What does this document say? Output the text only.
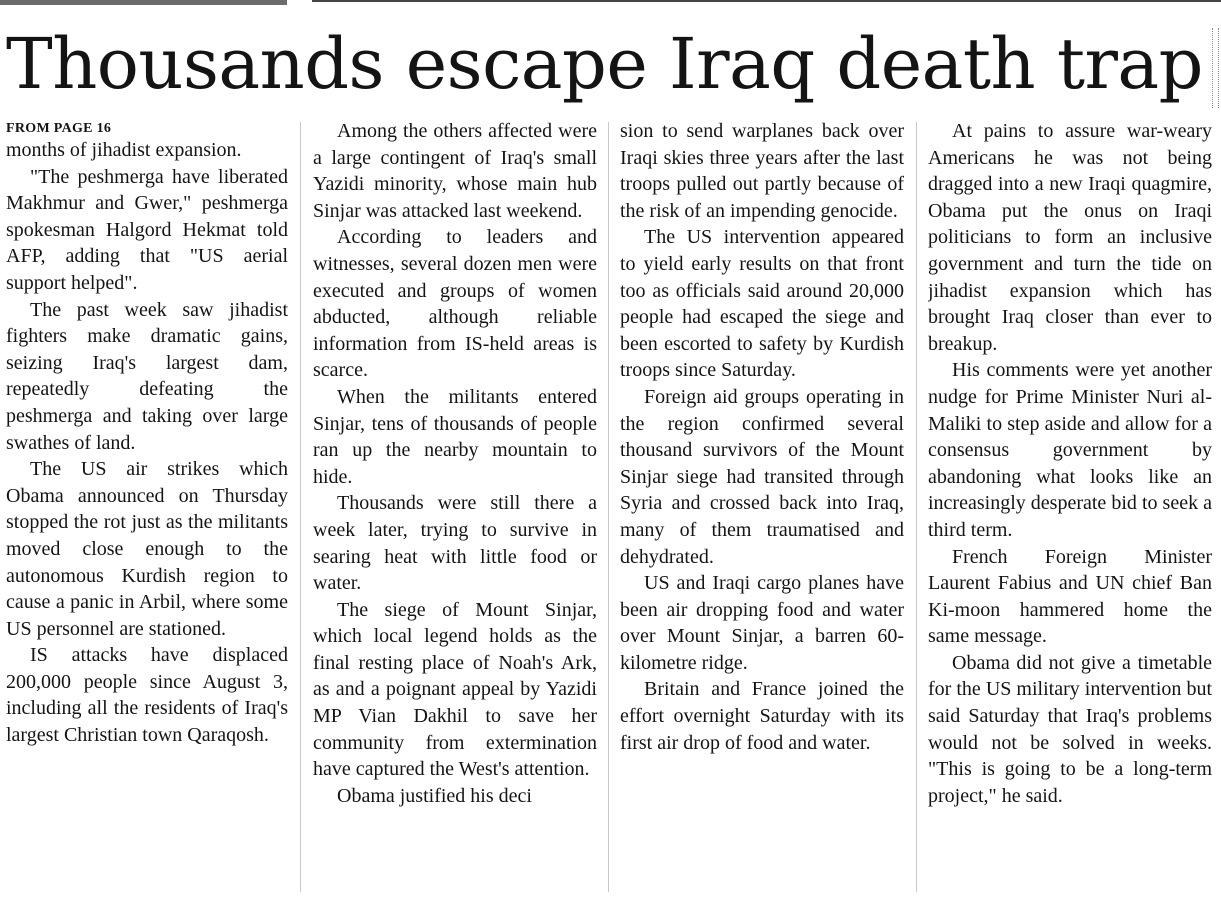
Thousands escape Iraq death trap
FROM PAGE 16

months of jihadist expansion.

"The peshmerga have liberated Makhmur and Gwer," peshmerga spokesman Halgord Hekmat told AFP, adding that "US aerial support helped".

The past week saw jihadist fighters make dramatic gains, seizing Iraq's largest dam, repeatedly defeating the peshmerga and taking over large swathes of land.

The US air strikes which Obama announced on Thursday stopped the rot just as the militants moved close enough to the autonomous Kurdish region to cause a panic in Arbil, where some US personnel are stationed.

IS attacks have displaced 200,000 people since August 3, including all the residents of Iraq's largest Christian town Qaraqosh.

Among the others affected were a large contingent of Iraq's small Yazidi minority, whose main hub Sinjar was attacked last weekend.

According to leaders and witnesses, several dozen men were executed and groups of women abducted, although reliable information from IS-held areas is scarce.

When the militants entered Sinjar, tens of thousands of people ran up the nearby mountain to hide.

Thousands were still there a week later, trying to survive in searing heat with little food or water.

The siege of Mount Sinjar, which local legend holds as the final resting place of Noah's Ark, as and a poignant appeal by Yazidi MP Vian Dakhil to save her community from extermination have captured the West's attention.

Obama justified his deci

sion to send warplanes back over Iraqi skies three years after the last troops pulled out partly because of the risk of an impending genocide.

The US intervention appeared to yield early results on that front too as officials said around 20,000 people had escaped the siege and been escorted to safety by Kurdish troops since Saturday.

Foreign aid groups operating in the region confirmed several thousand survivors of the Mount Sinjar siege had transited through Syria and crossed back into Iraq, many of them traumatised and dehydrated.

US and Iraqi cargo planes have been air dropping food and water over Mount Sinjar, a barren 60-kilometre ridge.

Britain and France joined the effort overnight Saturday with its first air drop of food and water.

At pains to assure war-weary Americans he was not being dragged into a new Iraqi quagmire, Obama put the onus on Iraqi politicians to form an inclusive government and turn the tide on jihadist expansion which has brought Iraq closer than ever to breakup.

His comments were yet another nudge for Prime Minister Nuri al-Maliki to step aside and allow for a consensus government by abandoning what looks like an increasingly desperate bid to seek a third term.

French Foreign Minister Laurent Fabius and UN chief Ban Ki-moon hammered home the same message.

Obama did not give a timetable for the US military intervention but said Saturday that Iraq's problems would not be solved in weeks. "This is going to be a long-term project," he said.
